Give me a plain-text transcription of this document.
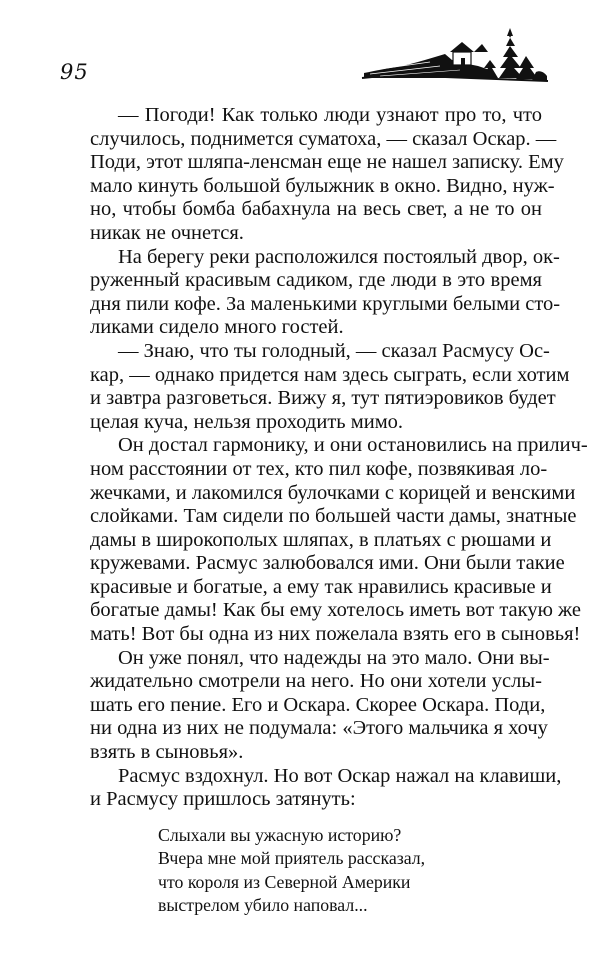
95

— Погоди! Как только люди узнают про то, что
случилось, поднимется суматоха, — сказал Оскар. —
Поди, этот шляпа-ленсман еще не нашел записку. Ему
мало кинуть большой булыжник в окно. Видно, нуж-
но, чтобы бомба бабахнула на весь свет, а не то он
никак не очнется.

На берегу реки расположился постоялый двор, ок-
руженный красивым садиком, где люди в это время
дня пили кофе. За маленькими круглыми белыми сто-
ликами сидело много гостей.

— Знаю, что ты голодный, — сказал Расмусу Ос-
кар, — однако придется нам здесь сыграть, если хотим
и завтра разговеться. Вижу я, тут пятиэровиков будет
целая куча, нельзя проходить мимо.

Он достал гармонику, и они остановились на прилич-
ном расстоянии от тех, кто пил кофе, позвякивая ло-
жечками, и лакомился булочками с корицей и венскими
слойками. Там сидели по большей части дамы, знатные
дамы в широкополых шляпах, в платьях с рюшами и
кружевами. Расмус залюбовался ими. Они были такие
красивые и богатые, а ему так нравились красивые и
богатые дамы! Как бы ему хотелось иметь вот такую же
мать! Вот бы одна из них пожелала взять его в сыновья!

Он уже понял, что надежды на это мало. Они вы-
жидательно смотрели на него. Но они хотели услы-
шать его пение. Его и Оскара. Скорее Оскара. Поди,
ни одна из них не подумала: «Этого мальчика я хочу
взять в сыновья».

Расмус вздохнул. Но вот Оскар нажал на клавиши,
и Расмусу пришлось затянуть:

Слыхали вы ужасную историю?
Вчера мне мой приятель рассказал,
что короля из Северной Америки
выстрелом убило наповал...
